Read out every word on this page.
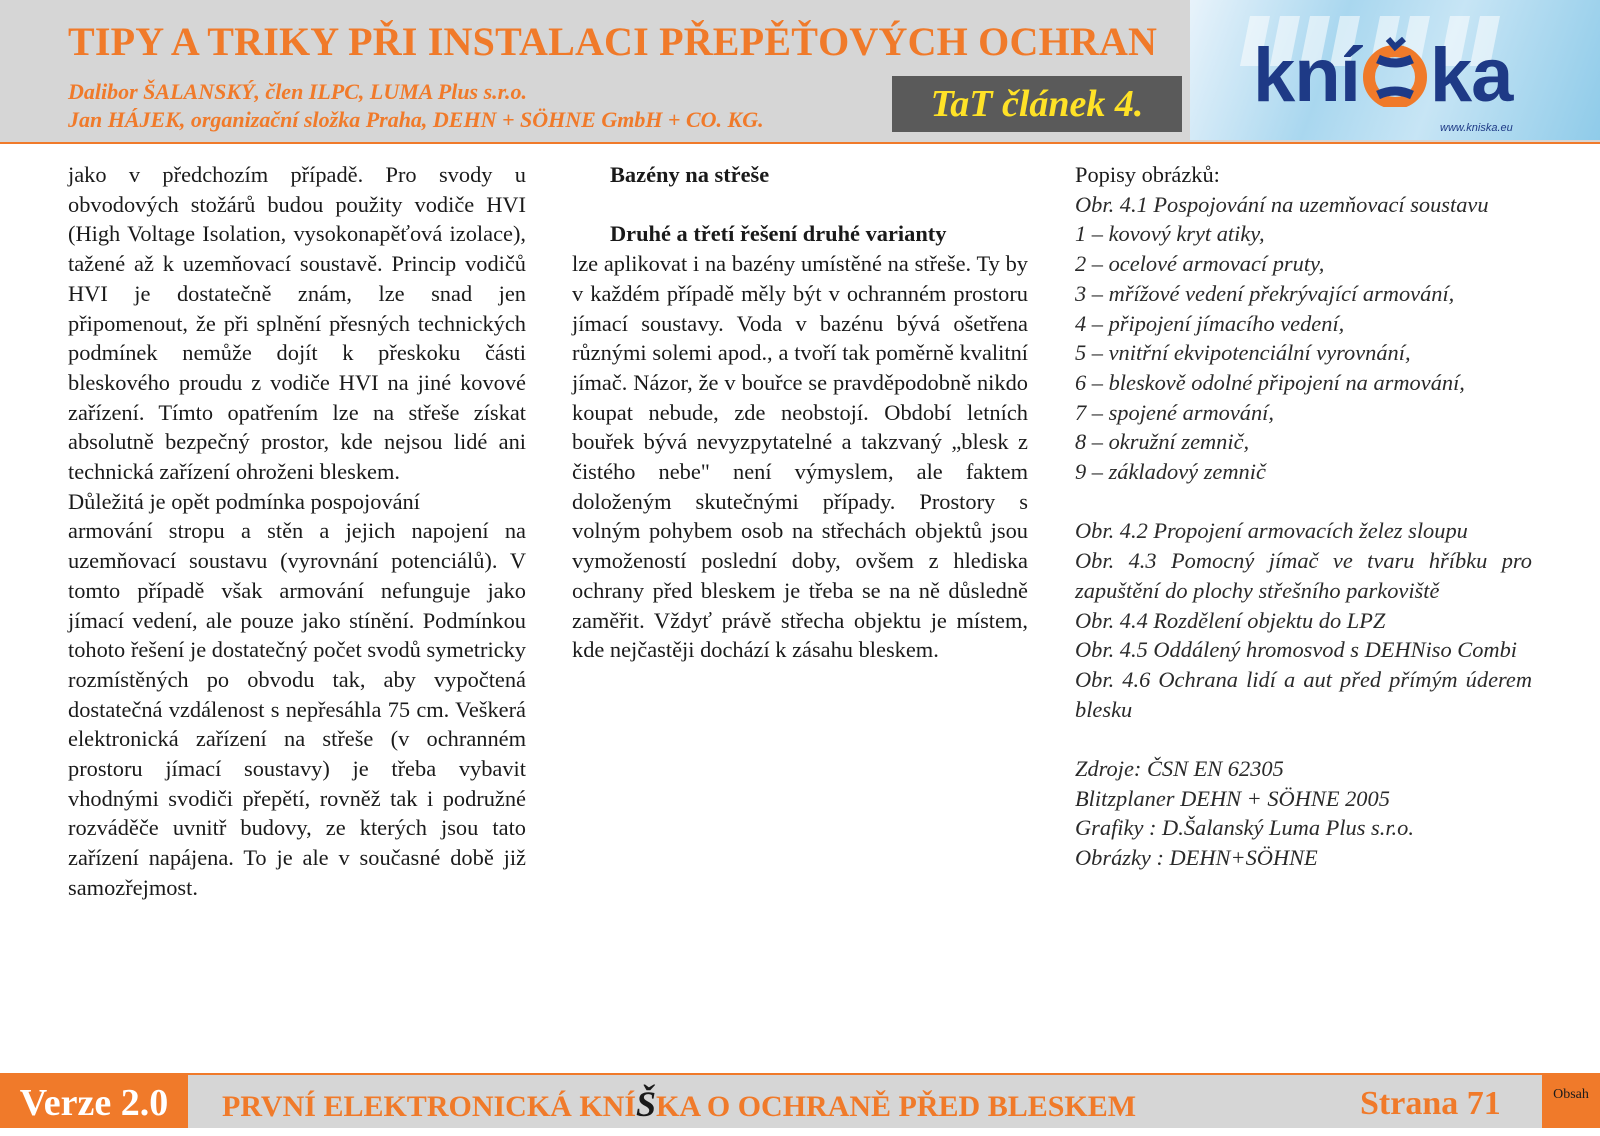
TIPY A TRIKY PŘI INSTALACI PŘEPĚŤOVÝCH OCHRAN
Dalibor ŠALANSKÝ, člen ILPC, LUMA Plus s.r.o.
Jan HÁJEK, organizační složka Praha, DEHN + SÖHNE GmbH + CO. KG.	TaT článek 4.	kní ka
www.kniska.eu

jako v předchozím případě. Pro svody u obvodových stožárů budou použity vodiče HVI (High Voltage Isolation, vysokonapěťová izolace), tažené až k uzemňovací soustavě. Princip vodičů HVI je dostatečně znám, lze snad jen připomenout, že při splnění přesných technických podmínek nemůže dojít k přeskoku části bleskového proudu z vodiče HVI na jiné kovové zařízení. Tímto opatřením lze na střeše získat absolutně bezpečný prostor, kde nejsou lidé ani technická zařízení ohroženi bleskem.

Důležitá je opět podmínka pospojování

armování stropu a stěn a jejich napojení na uzemňovací soustavu (vyrovnání potenciálů). V tomto případě však armování nefunguje jako jímací vedení, ale pouze jako stínění. Podmínkou tohoto řešení je dostatečný počet svodů symetricky rozmístěných po obvodu tak, aby vypočtená dostatečná vzdálenost s nepřesáhla 75 cm. Veškerá elektronická zařízení na střeše (v ochranném prostoru jímací soustavy) je třeba vybavit vhodnými svodiči přepětí, rovněž tak i podružné rozváděče uvnitř budovy, ze kterých jsou tato zařízení napájena. To je ale v současné době již samozřejmost.

Bazény na střeše

Druhé a třetí řešení druhé varianty

lze aplikovat i na bazény umístěné na střeše. Ty by v každém případě měly být v ochranném prostoru jímací soustavy. Voda v bazénu bývá ošetřena různými solemi apod., a tvoří tak poměrně kvalitní jímač. Názor, že v bouřce se pravděpodobně nikdo koupat nebude, zde neobstojí. Období letních bouřek bývá nevyzpytatelné a takzvaný „blesk z čistého nebe" není výmyslem, ale faktem doloženým skutečnými případy. Prostory s volným pohybem osob na střechách objektů jsou vymožeností poslední doby, ovšem z hlediska ochrany před bleskem je třeba se na ně důsledně zaměřit. Vždyť právě střecha objektu je místem, kde nejčastěji dochází k zásahu bleskem.

Popisy obrázků:

Obr. 4.1 Pospojování na uzemňovací soustavu

1 – kovový kryt atiky,
2 – ocelové armovací pruty,
3 – mřížové vedení překrývající armování,
4 – připojení jímacího vedení,
5 – vnitřní ekvipotenciální vyrovnání,
6 – bleskově odolné připojení na armování,
7 – spojené armování,
8 – okružní zemnič,
9 – základový zemnič

Obr. 4.2 Propojení armovacích želez sloupu

Obr. 4.3 Pomocný jímač ve tvaru hříbku pro zapuštění do plochy střešního parkoviště

Obr. 4.4 Rozdělení objektu do LPZ

Obr. 4.5 Oddálený hromosvod s DEHNiso Combi

Obr. 4.6 Ochrana lidí a aut před přímým úderem blesku

Zdroje: ČSN EN 62305
Blitzplaner DEHN + SÖHNE 2005
Grafiky : D.Šalanský Luma Plus s.r.o.
Obrázky : DEHN+SÖHNE
Verze 2.0	PRVNÍ ELEKTRONICKÁ KNÍŠKA O OCHRANĚ PŘED BLESKEM	Strana 71	Obsah
